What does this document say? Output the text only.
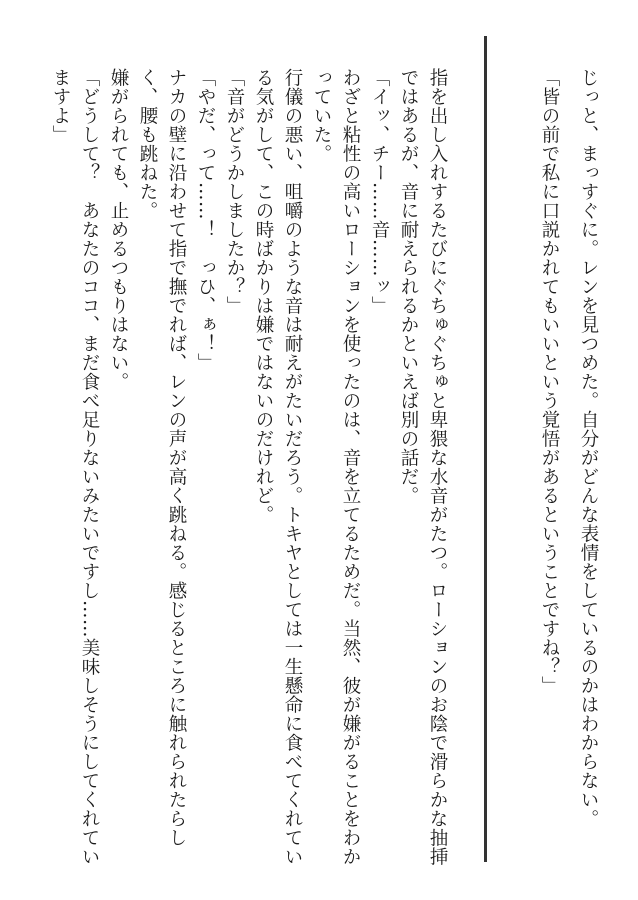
じっと、まっすぐに。レンを見つめた。自分がどんな表情をしているのかはわからない。

「皆の前で私に口説かれてもいいという覚悟があるということですね？」

指を出し入れするたびにぐちゅぐちゅと卑猥な水音がたつ。ローションのお陰で滑らかな抽挿ではあるが、音に耐えられるかといえば別の話だ。

「イッ、チー……音……ッ」

わざと粘性の高いローションを使ったのは、音を立てるためだ。当然、彼が嫌がることをわかっていた。

行儀の悪い、咀嚼のような音は耐えがたいだろう。トキヤとしては一生懸命に食べてくれている気がして、この時ばかりは嫌ではないのだけれど。

「音がどうかしましたか？」

「やだ、って……！　っひ、ぁ！」

ナカの壁に沿わせて指で撫でれば、レンの声が高く跳ねる。感じるところに触れられたらしく、腰も跳ねた。

嫌がられても、止めるつもりはない。

「どうして？　あなたのココ、まだ食べ足りないみたいですし……美味しそうにしてくれていますよ」
